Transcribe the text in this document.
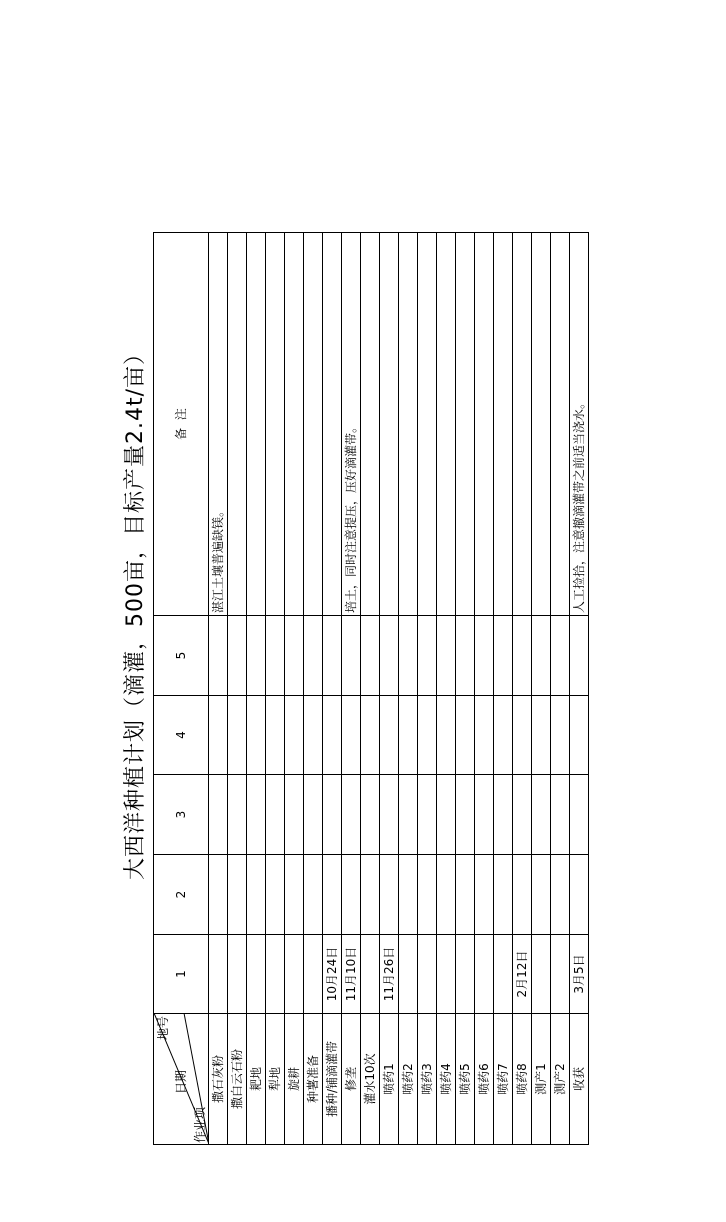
大西洋种植计划（滴灌，500亩，目标产量2.4t/亩）
地号
日期
作业项	1	2	3	4	5	备  注
撒石灰粉						湛江土壤普遍缺镁。
撒白云石粉						
耙地						
犁地						
旋耕						
种薯准备						
播种/铺滴灌带	10月24日					
修垄	11月10日					培土，同时注意提压，压好滴灌带。
灌水10次						
喷药1	11月26日					
喷药2						
喷药3						
喷药4						
喷药5						
喷药6						
喷药7						
喷药8	2月12日					
测产1						
测产2						
收获	3月5日					人工捡拾，注意撤滴灌带之前适当浇水。
